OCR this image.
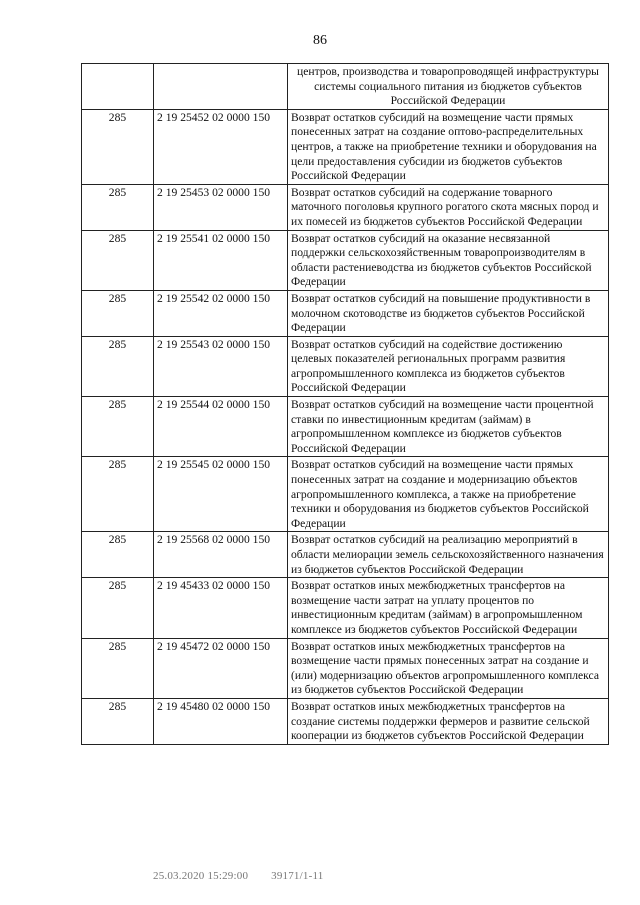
86
		центров, производства и товаропроводящей инфраструктуры системы социального питания из бюджетов субъектов Российской Федерации
285	2 19 25452 02 0000 150	Возврат остатков субсидий на возмещение части прямых понесенных затрат на создание оптово-распределительных центров, а также на приобретение техники и оборудования на цели предоставления субсидии из бюджетов субъектов Российской Федерации
285	2 19 25453 02 0000 150	Возврат остатков субсидий на содержание товарного маточного поголовья крупного рогатого скота мясных пород и их помесей из бюджетов субъектов Российской Федерации
285	2 19 25541 02 0000 150	Возврат остатков субсидий на оказание несвязанной поддержки сельскохозяйственным товаропроизводителям в области растениеводства из бюджетов субъектов Российской Федерации
285	2 19 25542 02 0000 150	Возврат остатков субсидий на повышение продуктивности в молочном скотоводстве из бюджетов субъектов Российской Федерации
285	2 19 25543 02 0000 150	Возврат остатков субсидий на содействие достижению целевых показателей региональных программ развития агропромышленного комплекса из бюджетов субъектов Российской Федерации
285	2 19 25544 02 0000 150	Возврат остатков субсидий на возмещение части процентной ставки по инвестиционным кредитам (займам) в агропромышленном комплексе из бюджетов субъектов Российской Федерации
285	2 19 25545 02 0000 150	Возврат остатков субсидий на возмещение части прямых понесенных затрат на создание и модернизацию объектов агропромышленного комплекса, а также на приобретение техники и оборудования из бюджетов субъектов Российской Федерации
285	2 19 25568 02 0000 150	Возврат остатков субсидий на реализацию мероприятий в области мелиорации земель сельскохозяйственного назначения из бюджетов субъектов Российской Федерации
285	2 19 45433 02 0000 150	Возврат остатков иных межбюджетных трансфертов на возмещение части затрат на уплату процентов по инвестиционным кредитам (займам) в агропромышленном комплексе из бюджетов субъектов Российской Федерации
285	2 19 45472 02 0000 150	Возврат остатков иных межбюджетных трансфертов на возмещение части прямых понесенных затрат на создание и (или) модернизацию объектов агропромышленного комплекса из бюджетов субъектов Российской Федерации
285	2 19 45480 02 0000 150	Возврат остатков иных межбюджетных трансфертов на создание системы поддержки фермеров и развитие сельской кооперации из бюджетов субъектов Российской Федерации
25.03.2020 15:29:00 39171/1-11
